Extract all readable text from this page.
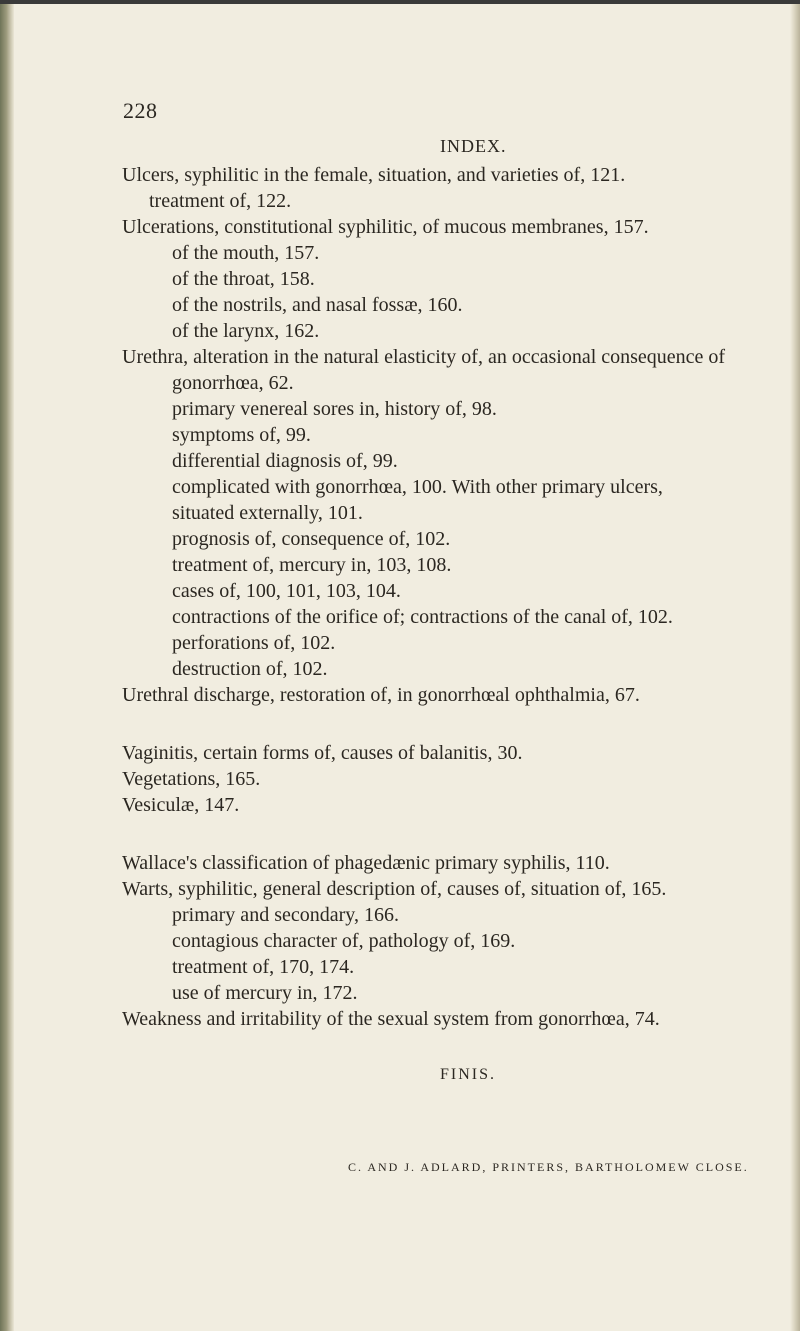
228
INDEX.
Ulcers, syphilitic in the female, situation, and varieties of, 121.
treatment of, 122.
Ulcerations, constitutional syphilitic, of mucous membranes, 157.
of the mouth, 157.
of the throat, 158.
of the nostrils, and nasal fossæ, 160.
of the larynx, 162.
Urethra, alteration in the natural elasticity of, an occasional consequence of
gonorrhœa, 62.
primary venereal sores in, history of, 98.
symptoms of, 99.
differential diagnosis of, 99.
complicated with gonorrhœa, 100. With other primary ulcers,
situated externally, 101.
prognosis of, consequence of, 102.
treatment of, mercury in, 103, 108.
cases of, 100, 101, 103, 104.
contractions of the orifice of; contractions of the canal of, 102.
perforations of, 102.
destruction of, 102.
Urethral discharge, restoration of, in gonorrhœal ophthalmia, 67.
Vaginitis, certain forms of, causes of balanitis, 30.
Vegetations, 165.
Vesiculæ, 147.
Wallace's classification of phagedænic primary syphilis, 110.
Warts, syphilitic, general description of, causes of, situation of, 165.
primary and secondary, 166.
contagious character of, pathology of, 169.
treatment of, 170, 174.
use of mercury in, 172.
Weakness and irritability of the sexual system from gonorrhœa, 74.
FINIS.
C. AND J. ADLARD, PRINTERS, BARTHOLOMEW CLOSE.
